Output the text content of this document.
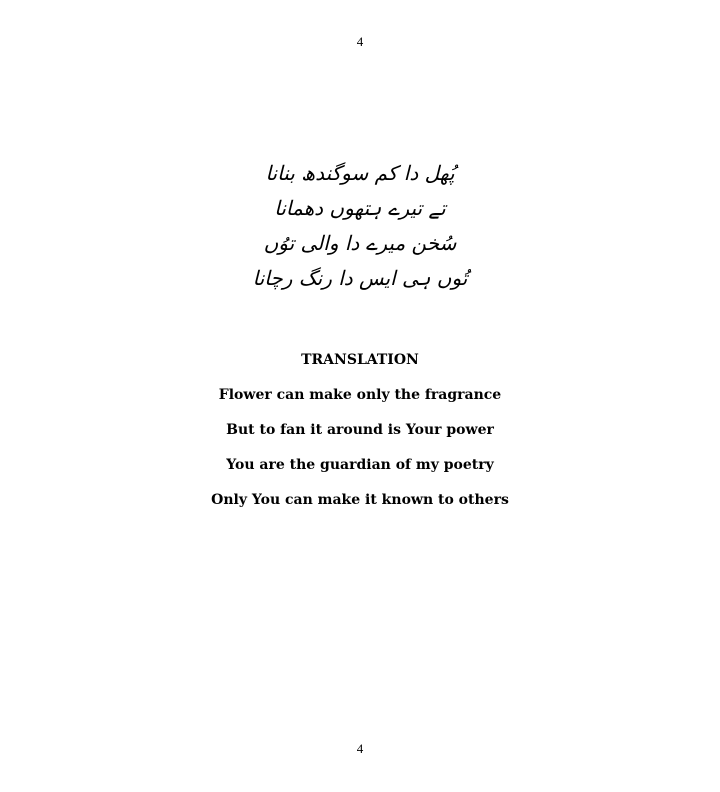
4
پُھل دا کم سوگندھ بنانا
تے تیرے ہتھوں دھمانا
سُخن میرے دا والی توُں
تُوں ہی ایس دا رنگ رچانا
TRANSLATION
Flower can make only the fragrance
But to fan it around is Your power
You are the guardian of my poetry
Only You can make it known to others
4
